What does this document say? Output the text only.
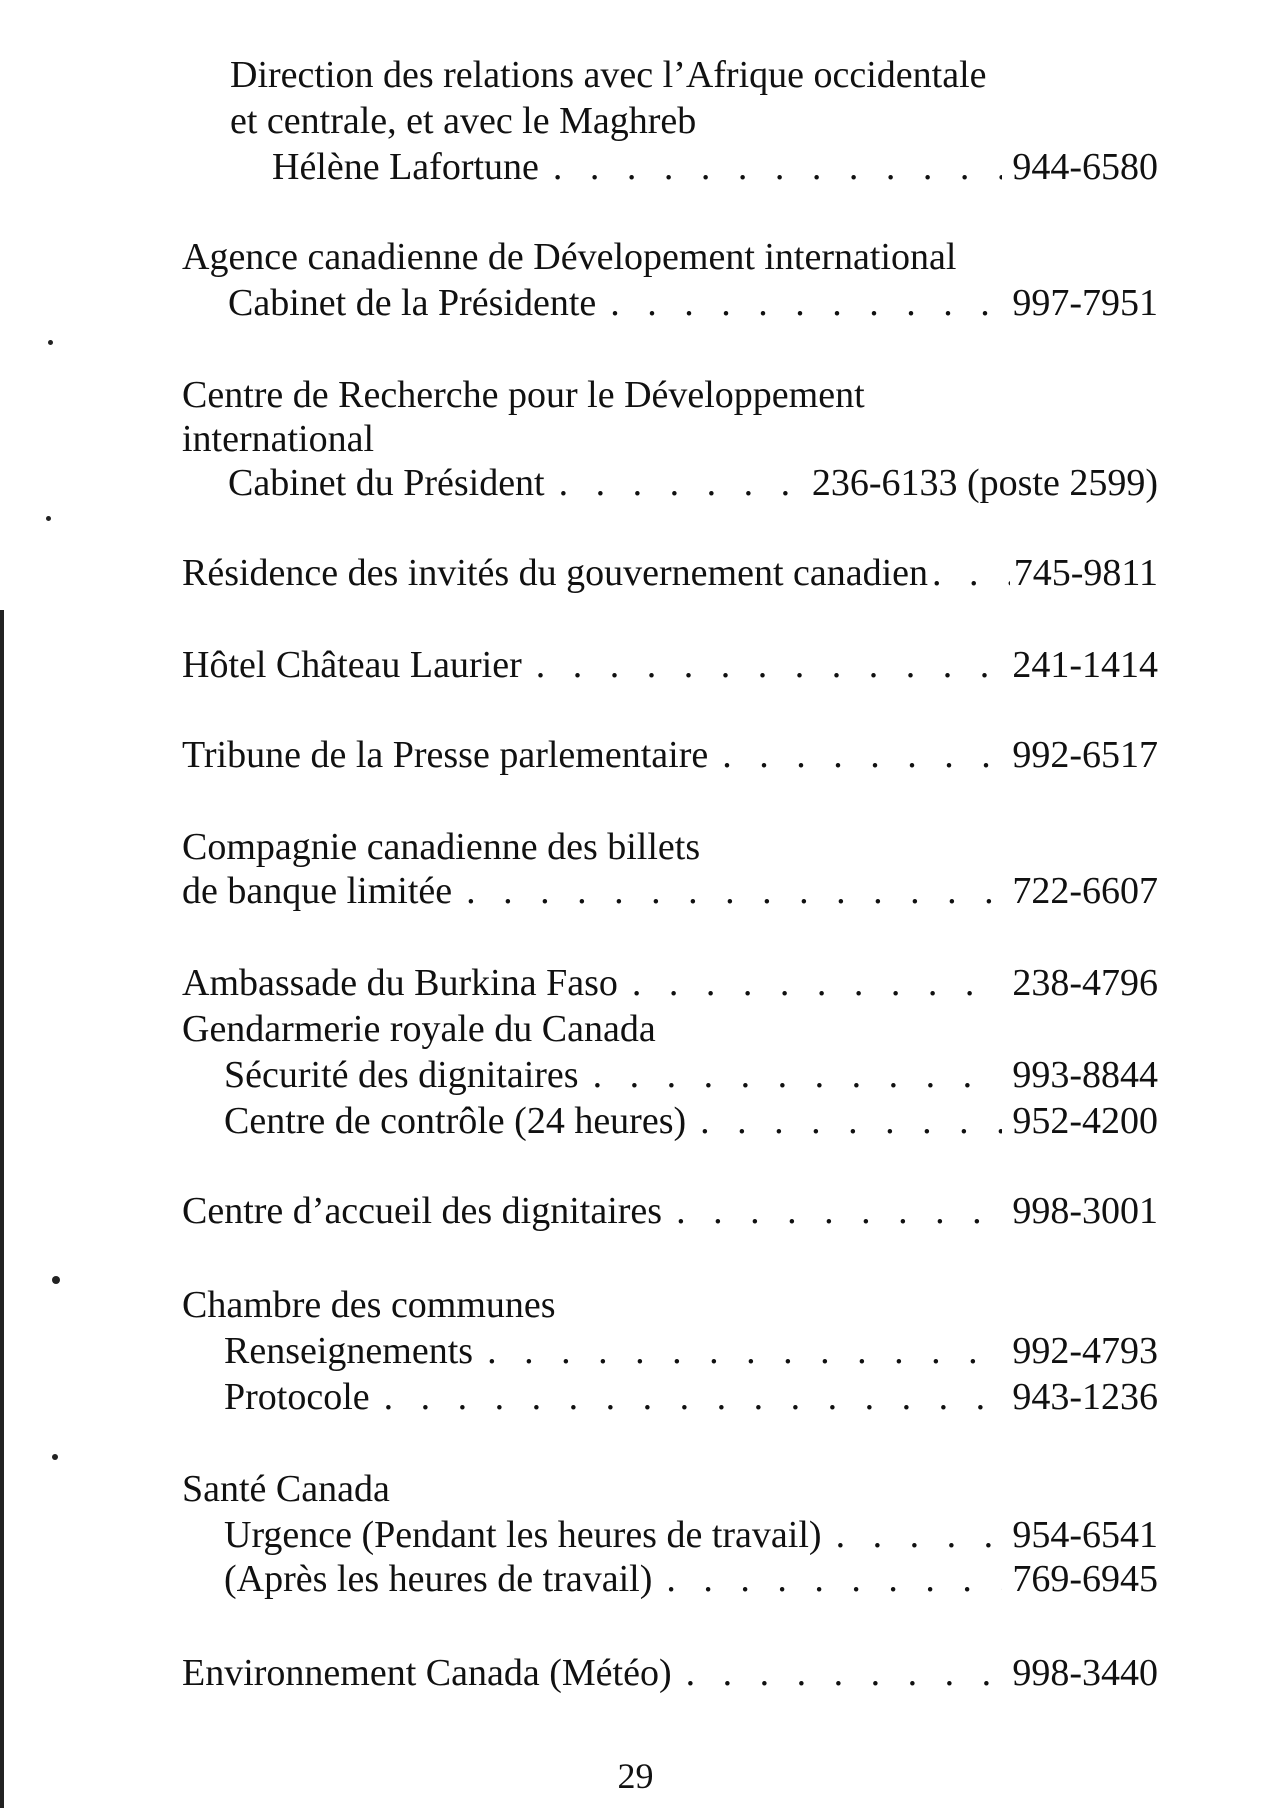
Direction des relations avec l’Afrique occidentale
et centrale, et avec le Maghreb
Hélène Lafortune . . .	944-6580
Agence canadienne de Dévelopement international
Cabinet de la Présidente . . .	997-7951
Centre de Recherche pour le Développement
international
Cabinet du Président . . .	236-6133 (poste 2599)
Résidence des invités du gouvernement canadien . . . 745-9811
Hôtel Château Laurier . . .	241-1414
Tribune de la Presse parlementaire . . .	992-6517
Compagnie canadienne des billets
de banque limitée . . .	722-6607
Ambassade du Burkina Faso . . .	238-4796
Gendarmerie royale du Canada
Sécurité des dignitaires . . .	993-8844
Centre de contrôle (24 heures) . . .	952-4200
Centre d’accueil des dignitaires . . .	998-3001
Chambre des communes
Renseignements . . .	992-4793
Protocole . . .	943-1236
Santé Canada
Urgence (Pendant les heures de travail) . . .	954-6541
(Après les heures de travail) . . .	769-6945
Environnement Canada (Météo) . . .	998-3440
29
